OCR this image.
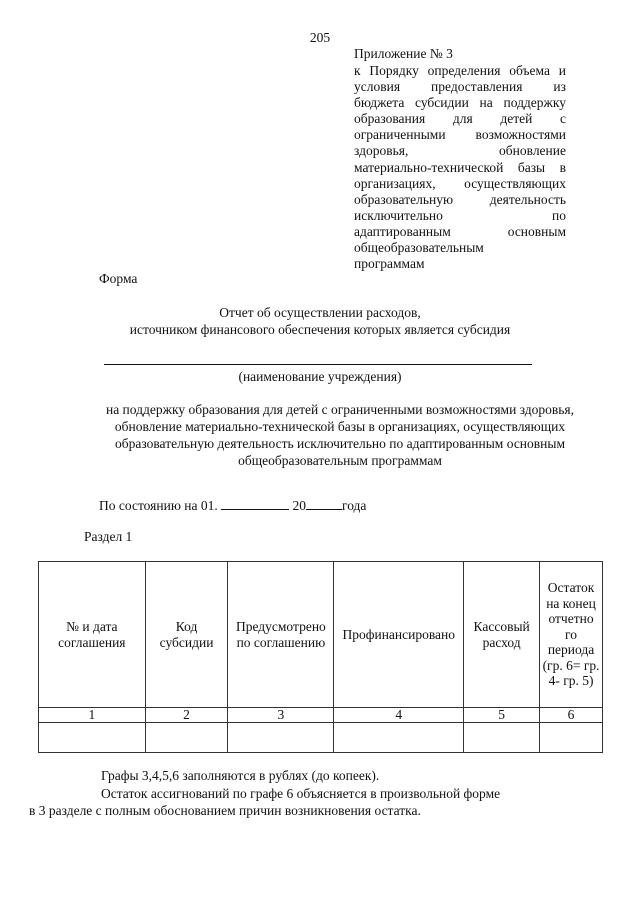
205
Приложение № 3
к Порядку определения объема и
условия предоставления из
бюджета субсидии на поддержку
образования для детей с
ограниченными возможностями
здоровья, обновление
материально-технической базы в
организациях, осуществляющих
образовательную деятельность
исключительно по
адаптированным основным
общеобразовательным
программам
Форма
Отчет об осуществлении расходов,
источником финансового обеспечения которых является субсидия
(наименование учреждения)
на поддержку образования для детей с ограниченными возможностями здоровья,
обновление материально-технической базы в организациях, осуществляющих
образовательную деятельность исключительно по адаптированным основным
общеобразовательным программам
По состоянию на 01.	20	года
Раздел 1
№ и дата соглашения	Код субсидии	Предусмотрено по соглашению	Профинансировано	Кассовый расход	Остаток на конец отчетно го периода (гр. 6= гр. 4- гр. 5)
1	2	3	4	5	6

Графы 3,4,5,6 заполняются в рублях (до копеек).
Остаток ассигнований по графе 6 объясняется в произвольной форме
в 3 разделе с полным обоснованием причин возникновения остатка.
